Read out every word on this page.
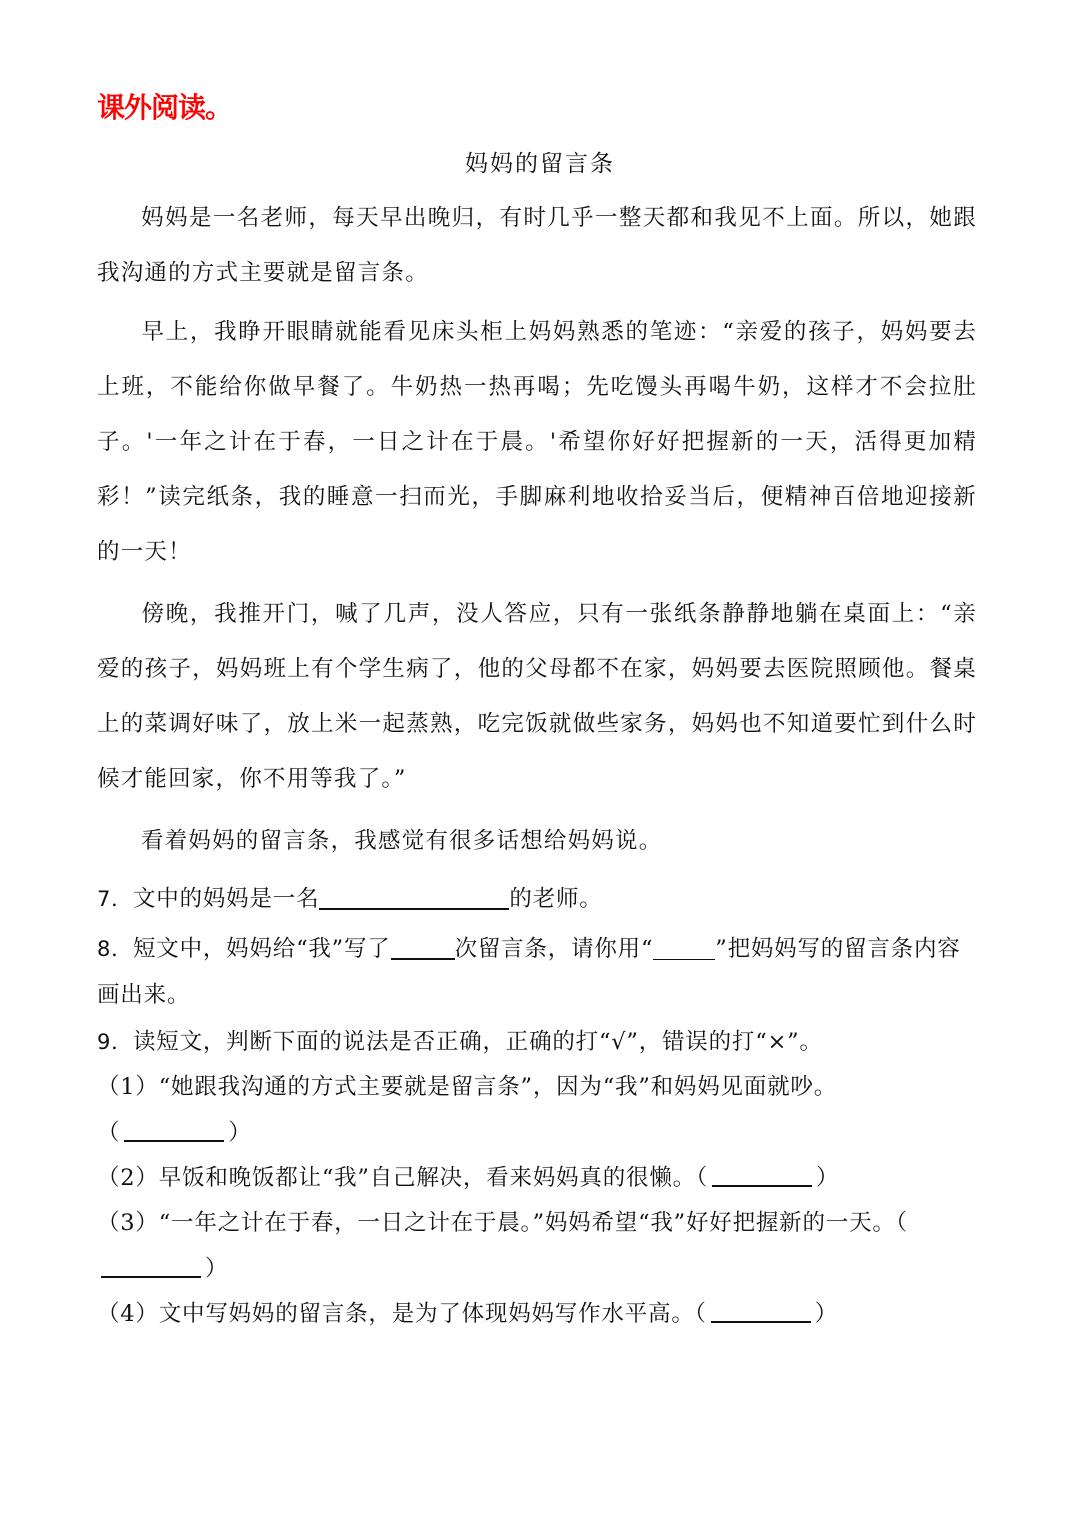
课外阅读。
妈妈的留言条
妈妈是一名老师，每天早出晚归，有时几乎一整天都和我见不上面。所以，她跟我沟通的方式主要就是留言条。
早上，我睁开眼睛就能看见床头柜上妈妈熟悉的笔迹：“亲爱的孩子，妈妈要去上班，不能给你做早餐了。牛奶热一热再喝；先吃馒头再喝牛奶，这样才不会拉肚子。'一年之计在于春，一日之计在于晨。'希望你好好把握新的一天，活得更加精彩！”读完纸条，我的睡意一扫而光，手脚麻利地收拾妥当后，便精神百倍地迎接新的一天！
傍晚，我推开门，喊了几声，没人答应，只有一张纸条静静地躺在桌面上：“亲爱的孩子，妈妈班上有个学生病了，他的父母都不在家，妈妈要去医院照顾他。餐桌上的菜调好味了，放上米一起蒸熟，吃完饭就做些家务，妈妈也不知道要忙到什么时候才能回家，你不用等我了。”
看着妈妈的留言条，我感觉有很多话想给妈妈说。
7．文中的妈妈是一名	的老师。
8．短文中，妈妈给“我”写了	次留言条，请你用“	”把妈妈写的留言条内容画出来。
9．读短文，判断下面的说法是否正确，正确的打“√”，错误的打“×”。
（1）“她跟我沟通的方式主要就是留言条”，因为“我”和妈妈见面就吵。
（	）
（2）早饭和晚饭都让“我”自己解决，看来妈妈真的很懒。（	）
（3）“一年之计在于春，一日之计在于晨。”妈妈希望“我”好好把握新的一天。（）
（4）文中写妈妈的留言条，是为了体现妈妈写作水平高。（	）
